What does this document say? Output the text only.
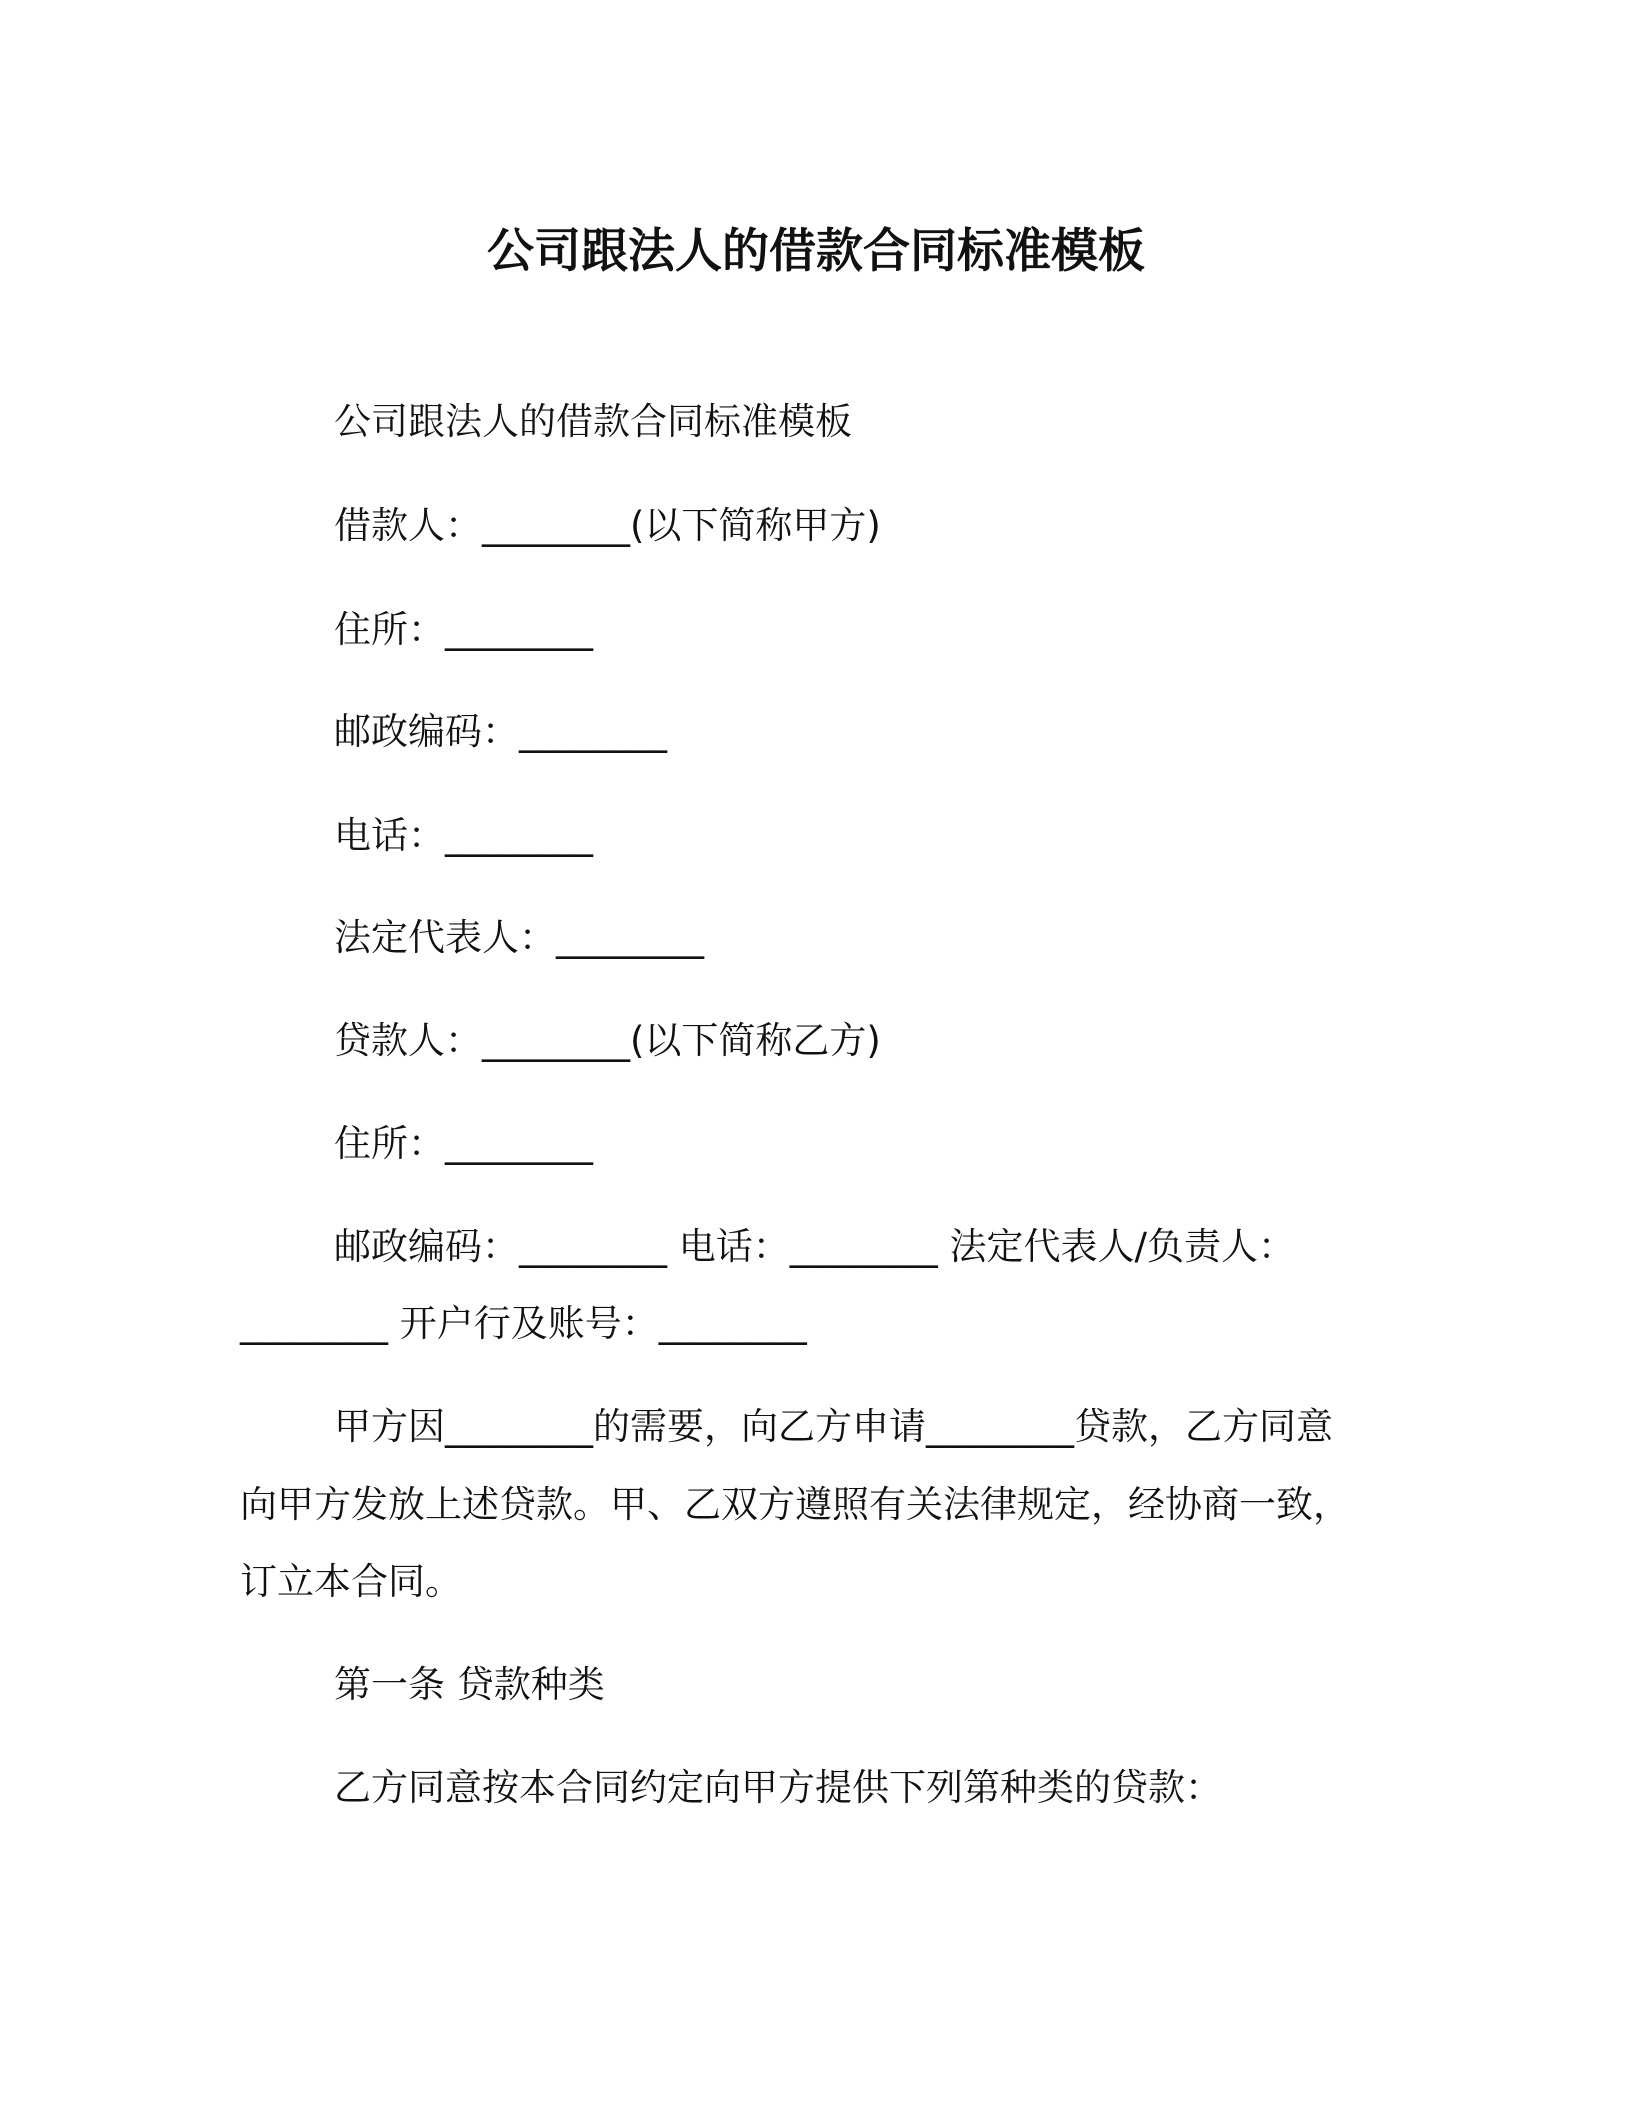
公司跟法人的借款合同标准模板

公司跟法人的借款合同标准模板

借款人：________(以下简称甲方)

住所：________

邮政编码：________

电话：________

法定代表人：________

贷款人：________(以下简称乙方)

住所：________

邮政编码：________ 电话：________ 法定代表人/负责人：

________ 开户行及账号：________

甲方因________的需要，向乙方申请________贷款，乙方同意

向甲方发放上述贷款。甲、乙双方遵照有关法律规定，经协商一致，

订立本合同。

第一条 贷款种类

乙方同意按本合同约定向甲方提供下列第种类的贷款：
